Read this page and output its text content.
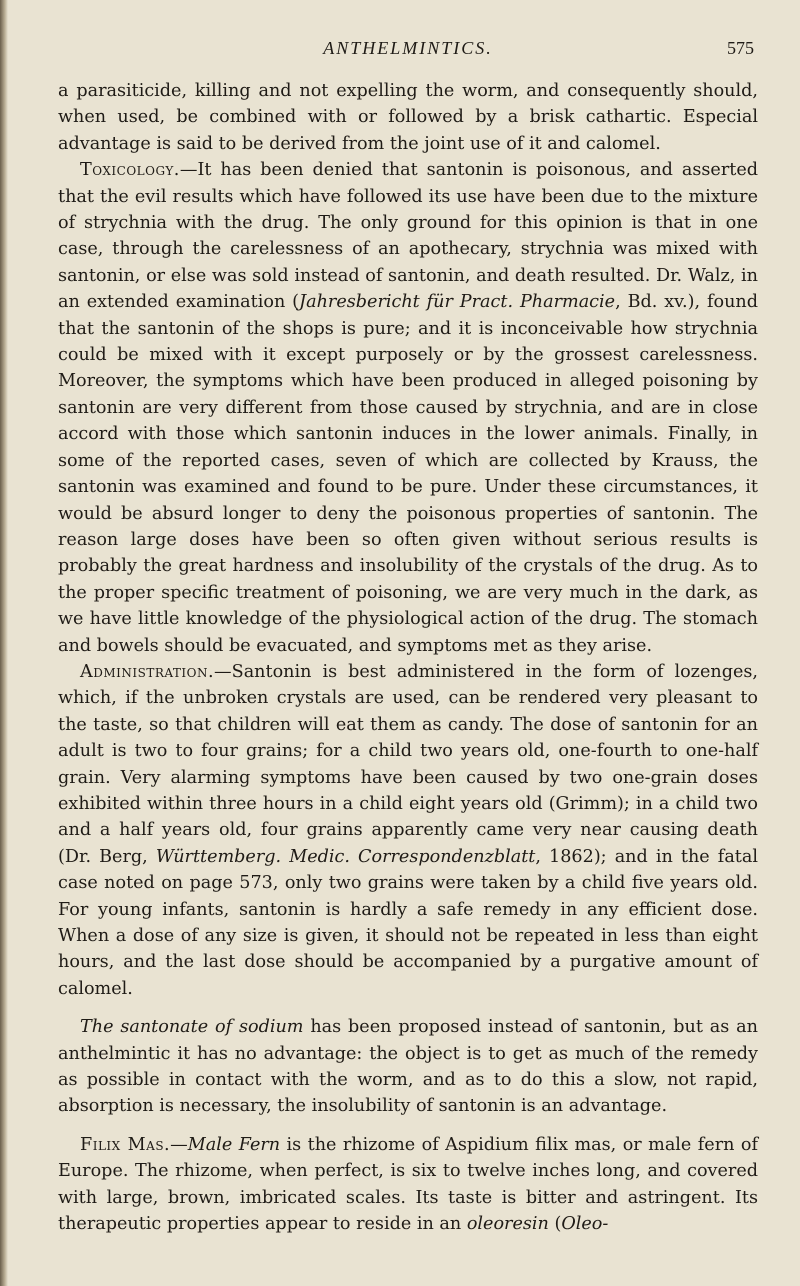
ANTHELMINTICS.	575

a parasiticide, killing and not expelling the worm, and consequently should, when used, be combined with or followed by a brisk cathartic. Especial advantage is said to be derived from the joint use of it and calomel.

Toxicology.—It has been denied that santonin is poisonous, and asserted that the evil results which have followed its use have been due to the mixture of strychnia with the drug. The only ground for this opinion is that in one case, through the carelessness of an apothecary, strychnia was mixed with santonin, or else was sold instead of santonin, and death resulted. Dr. Walz, in an extended examination (Jahresbericht für Pract. Pharmacie, Bd. xv.), found that the santonin of the shops is pure; and it is inconceivable how strychnia could be mixed with it except purposely or by the grossest carelessness. Moreover, the symptoms which have been produced in alleged poisoning by santonin are very different from those caused by strychnia, and are in close accord with those which santonin induces in the lower animals. Finally, in some of the reported cases, seven of which are collected by Krauss, the santonin was examined and found to be pure. Under these circumstances, it would be absurd longer to deny the poisonous properties of santonin. The reason large doses have been so often given without serious results is probably the great hardness and insolubility of the crystals of the drug. As to the proper specific treatment of poisoning, we are very much in the dark, as we have little knowledge of the physiological action of the drug. The stomach and bowels should be evacuated, and symptoms met as they arise.

Administration.—Santonin is best administered in the form of lozenges, which, if the unbroken crystals are used, can be rendered very pleasant to the taste, so that children will eat them as candy. The dose of santonin for an adult is two to four grains; for a child two years old, one-fourth to one-half grain. Very alarming symptoms have been caused by two one-grain doses exhibited within three hours in a child eight years old (Grimm); in a child two and a half years old, four grains apparently came very near causing death (Dr. Berg, Württemberg. Medic. Correspondenzblatt, 1862); and in the fatal case noted on page 573, only two grains were taken by a child five years old. For young infants, santonin is hardly a safe remedy in any efficient dose. When a dose of any size is given, it should not be repeated in less than eight hours, and the last dose should be accompanied by a purgative amount of calomel.

The santonate of sodium has been proposed instead of santonin, but as an anthelmintic it has no advantage: the object is to get as much of the remedy as possible in contact with the worm, and as to do this a slow, not rapid, absorption is necessary, the insolubility of santonin is an advantage.

Filix Mas.—Male Fern is the rhizome of Aspidium filix mas, or male fern of Europe. The rhizome, when perfect, is six to twelve inches long, and covered with large, brown, imbricated scales. Its taste is bitter and astringent. Its therapeutic properties appear to reside in an oleoresin (Oleo-
